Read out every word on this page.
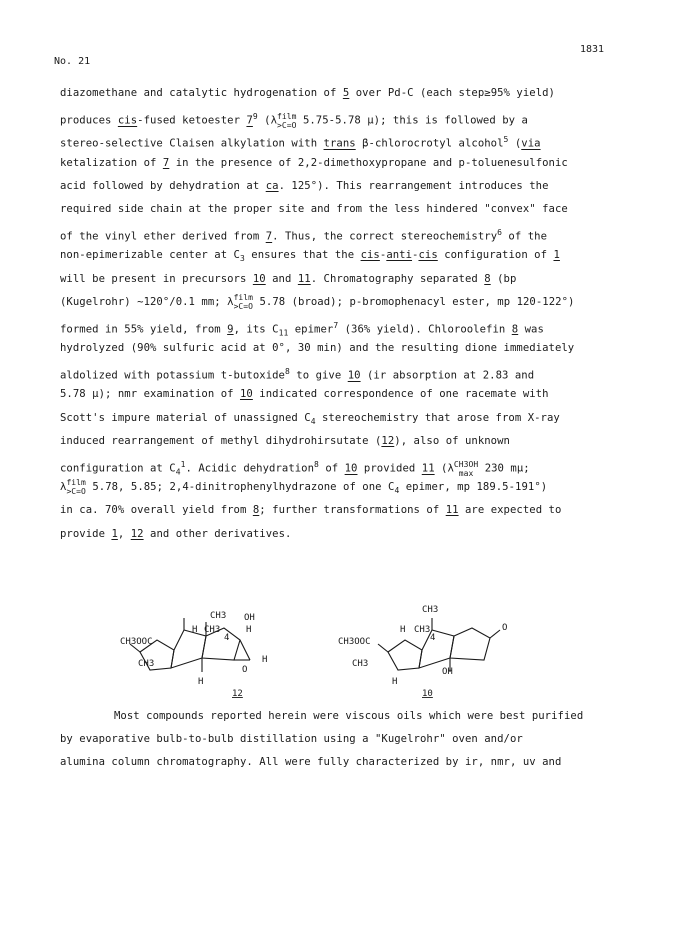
No. 21
1831
diazomethane and catalytic hydrogenation of 5 over Pd-C (each step≥95% yield)
produces cis-fused ketoester $7^9$ (λ film
>C=O 5.75-5.78 µ); this is followed by a
stereo-selective Claisen alkylation with trans β-chlorocrotyl alcohol$^5$ (via
ketalization of 7 in the presence of 2,2-dimethoxypropane and p-toluenesulfonic
acid followed by dehydration at ca. 125°). This rearrangement introduces the
required side chain at the proper site and from the less hindered "convex" face
of the vinyl ether derived from 7. Thus, the correct stereochemistry$^6$ of the
non-epimerizable center at $C_3$ ensures that the cis-anti-cis configuration of 1
will be present in precursors 10 and 11. Chromatography separated 8 (bp
(Kugelrohr) ~120°/0.1 mm; λ film
>C=O 5.78 (broad); p-bromophenacyl ester, mp 120-122°)
formed in 55% yield, from 9, its $C_{11}$ epimer$^7$ (36% yield). Chloroolefin 8 was
hydrolyzed (90% sulfuric acid at 0°, 30 min) and the resulting dione immediately
aldolized with potassium t-butoxide$^8$ to give 10 (ir absorption at 2.83 and
5.78 µ); nmr examination of 10 indicated correspondence of one racemate with
Scott's impure material of unassigned $C_4$ stereochemistry that arose from X-ray
induced rearrangement of methyl dihydrohirsutate (12), also of unknown
configuration at $C_4^1$. Acidic dehydration$^8$ of 10 provided 11 (λ CH3OH
max 230 mµ;
λ film
>C=O 5.78, 5.85; 2,4-dinitrophenylhydrazone of one $C_4$ epimer, mp 189.5-191°)
in ca. 70% overall yield from 8; further transformations of 11 are expected to
provide 1, 12 and other derivatives.
CH3 OH
H CH3
4
H
H
CH3OOC
CH3
O
H
12
CH3
H CH3
4
O
CH3OOC
CH3
OH
H
10
Most compounds reported herein were viscous oils which were best purified
by evaporative bulb-to-bulb distillation using a "Kugelrohr" oven and/or
alumina column chromatography. All were fully characterized by ir, nmr, uv and
